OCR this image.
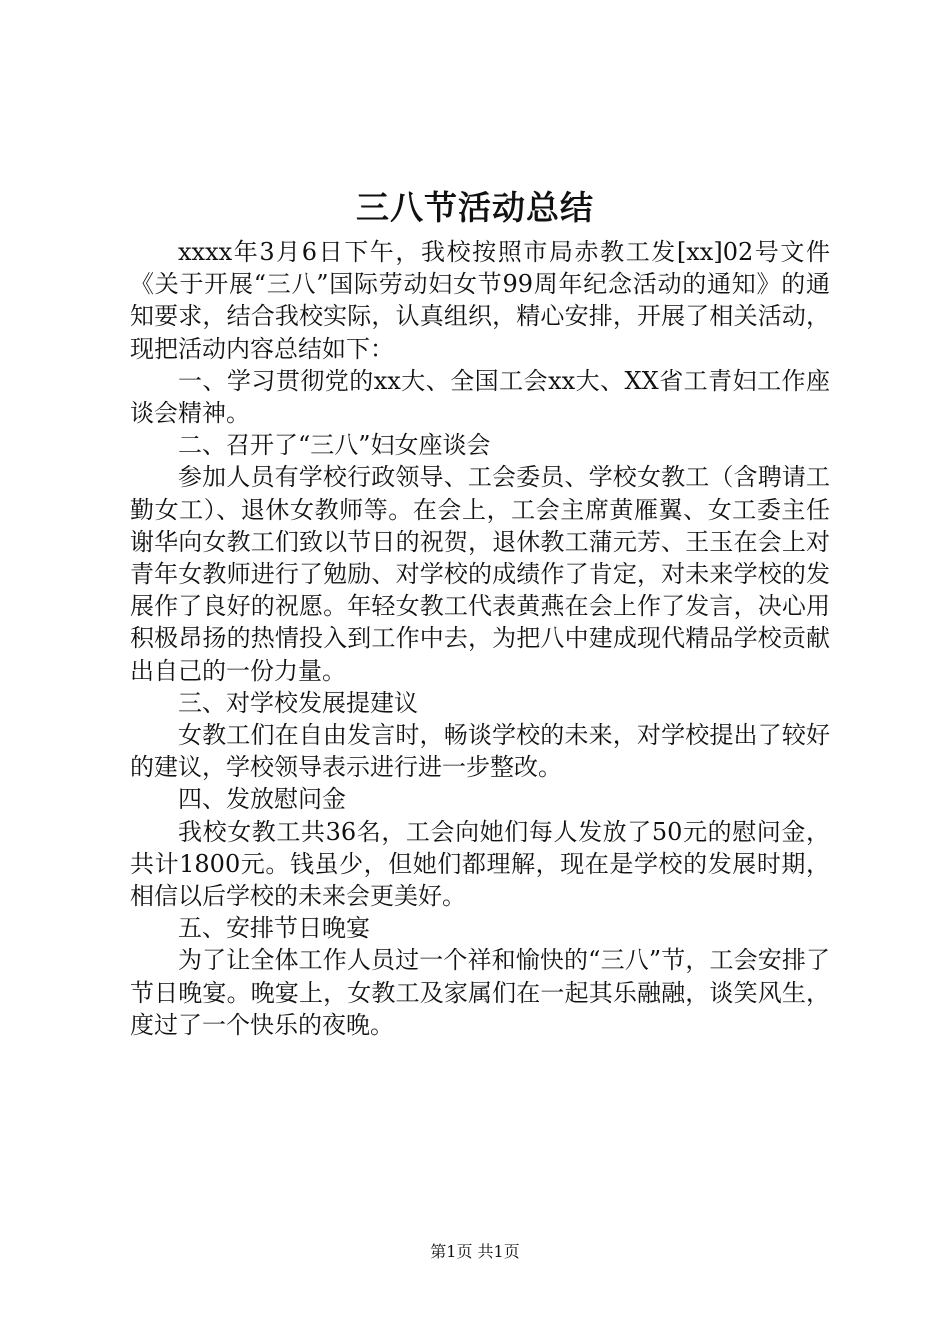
三八节活动总结

xxxx年3月6日下午，我校按照市局赤教工发[xx]02号文件《关于开展“三八”国际劳动妇女节99周年纪念活动的通知》的通知要求，结合我校实际，认真组织，精心安排，开展了相关活动，现把活动内容总结如下：

一、学习贯彻党的xx大、全国工会xx大、XX省工青妇工作座谈会精神。

二、召开了“三八”妇女座谈会

参加人员有学校行政领导、工会委员、学校女教工（含聘请工勤女工）、退休女教师等。在会上，工会主席黄雁翼、女工委主任谢华向女教工们致以节日的祝贺，退休教工蒲元芳、王玉在会上对青年女教师进行了勉励、对学校的成绩作了肯定，对未来学校的发展作了良好的祝愿。年轻女教工代表黄燕在会上作了发言，决心用积极昂扬的热情投入到工作中去，为把八中建成现代精品学校贡献出自己的一份力量。

三、对学校发展提建议

女教工们在自由发言时，畅谈学校的未来，对学校提出了较好的建议，学校领导表示进行进一步整改。

四、发放慰问金

我校女教工共36名，工会向她们每人发放了50元的慰问金，共计1800元。钱虽少，但她们都理解，现在是学校的发展时期，相信以后学校的未来会更美好。

五、安排节日晚宴

为了让全体工作人员过一个祥和愉快的“三八”节，工会安排了节日晚宴。晚宴上，女教工及家属们在一起其乐融融，谈笑风生，度过了一个快乐的夜晚。

第1页 共1页
